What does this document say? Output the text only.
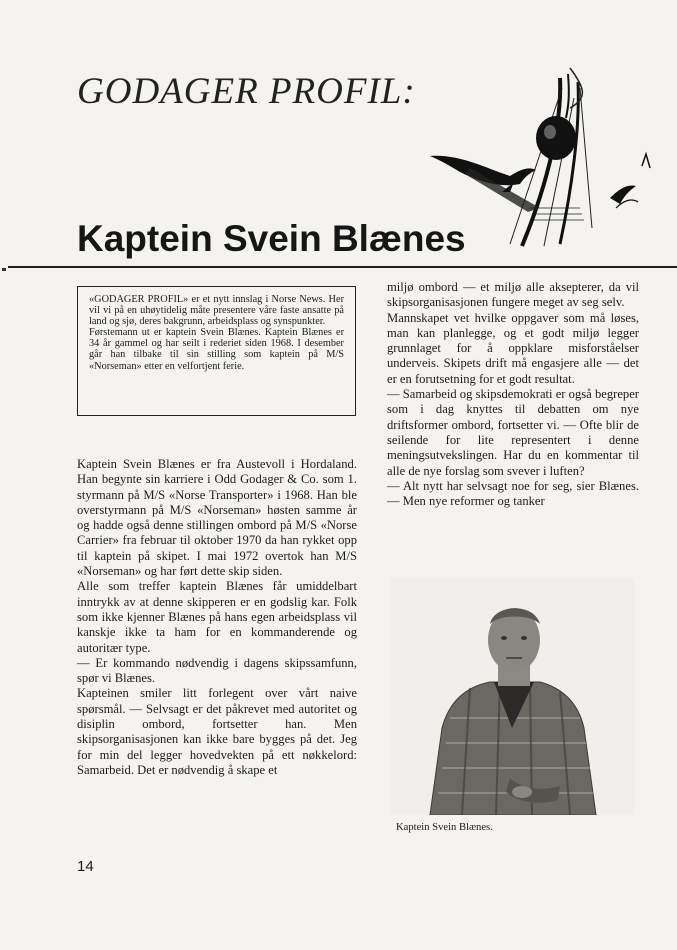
GODAGER PROFIL:
Kaptein Svein Blænes

«GODAGER PROFIL» er et nytt innslag i Norse News. Her vil vi på en uhøytidelig måte presentere våre faste ansatte på land og sjø, deres bakgrunn, arbeidsplass og synspunkter.

Førstemann ut er kaptein Svein Blænes. Kaptein Blænes er 34 år gammel og har seilt i rederiet siden 1968. I desember går han tilbake til sin stilling som kaptein på M/S «Norseman» etter en velfortjent ferie.

Kaptein Svein Blænes er fra Austevoll i Hordaland. Han begynte sin karriere i Odd Godager & Co. som 1. styrmann på M/S «Norse Transporter» i 1968. Han ble overstyrmann på M/S «Norseman» høsten samme år og hadde også denne stillingen ombord på M/S «Norse Carrier» fra februar til oktober 1970 da han rykket opp til kaptein på skipet. I mai 1972 overtok han M/S «Norseman» og har ført dette skip siden.

Alle som treffer kaptein Blænes får umiddelbart inntrykk av at denne skipperen er en godslig kar. Folk som ikke kjenner Blænes på hans egen arbeidsplass vil kanskje ikke ta ham for en kommanderende og autoritær type.

— Er kommando nødvendig i dagens skipssamfunn, spør vi Blænes.

Kapteinen smiler litt forlegent over vårt naive spørsmål. — Selvsagt er det påkrevet med autoritet og disiplin ombord, fortsetter han. Men skipsorganisasjonen kan ikke bare bygges på det. Jeg for min del legger hovedvekten på ett nøkkelord: Samarbeid. Det er nødvendig å skape et

miljø ombord — et miljø alle aksepterer, da vil skipsorganisasjonen fungere meget av seg selv.

Mannskapet vet hvilke oppgaver som må løses, man kan planlegge, og et godt miljø legger grunnlaget for å oppklare misforståelser underveis. Skipets drift må engasjere alle — det er en forutsetning for et godt resultat.

— Samarbeid og skipsdemokrati er også begreper som i dag knyttes til debatten om nye driftsformer ombord, fortsetter vi. — Ofte blir de seilende for lite representert i denne meningsutvekslingen. Har du en kommentar til alle de nye forslag som svever i luften?

— Alt nytt har selvsagt noe for seg, sier Blænes. — Men nye reformer og tanker

Kaptein Svein Blænes.
14
